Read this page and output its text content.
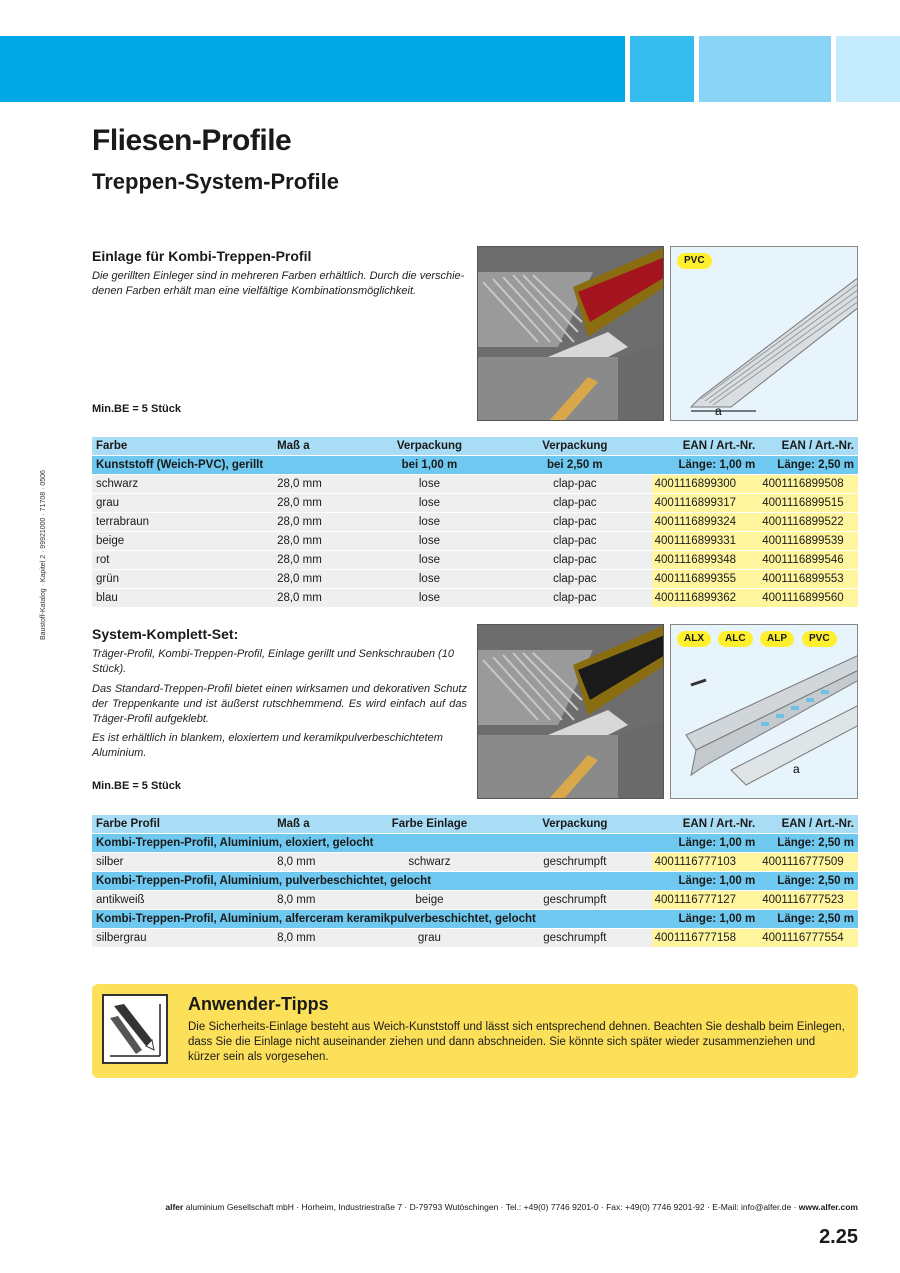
Fliesen-Profile
Treppen-System-Profile
Baustoff-Katalog · Kapitel 2 · 99921000 · 71708 · 0506
Einlage für Kombi-Treppen-Profil
Die gerillten Einleger sind in mehreren Farben erhältlich. Durch die verschie-
denen Farben erhält man eine vielfältige Kombinationsmöglichkeit.
Min.BE = 5 Stück
PVC
a
Farbe	Maß a	Verpackung	Verpackung	EAN / Art.-Nr.	EAN / Art.-Nr.
Kunststoff (Weich-PVC), gerillt		bei 1,00 m	bei 2,50 m	Länge: 1,00 m	Länge: 2,50 m
schwarz	28,0 mm	lose	clap-pac	4001116899300	4001116899508
grau	28,0 mm	lose	clap-pac	4001116899317	4001116899515
terrabraun	28,0 mm	lose	clap-pac	4001116899324	4001116899522
beige	28,0 mm	lose	clap-pac	4001116899331	4001116899539
rot	28,0 mm	lose	clap-pac	4001116899348	4001116899546
grün	28,0 mm	lose	clap-pac	4001116899355	4001116899553
blau	28,0 mm	lose	clap-pac	4001116899362	4001116899560
System-Komplett-Set:
Träger-Profil, Kombi-Treppen-Profil, Einlage gerillt und Senkschrauben (10 Stück).
Das Standard-Treppen-Profil bietet einen wirksamen und dekorativen Schutz der Treppenkante und ist äußerst rutschhemmend. Es wird einfach auf das Träger-Profil aufgeklebt.
Es ist erhältlich in blankem, eloxiertem und keramikpulverbeschichtetem Aluminium.
Min.BE = 5 Stück
ALX	ALC	ALP	PVC
a
Farbe Profil	Maß a	Farbe Einlage	Verpackung	EAN / Art.-Nr.	EAN / Art.-Nr.
Kombi-Treppen-Profil, Aluminium, eloxiert, gelocht				Länge: 1,00 m	Länge: 2,50 m
silber	8,0 mm	schwarz	geschrumpft	4001116777103	4001116777509
Kombi-Treppen-Profil, Aluminium, pulverbeschichtet, gelocht				Länge: 1,00 m	Länge: 2,50 m
antikweiß	8,0 mm	beige	geschrumpft	4001116777127	4001116777523
Kombi-Treppen-Profil, Aluminium, alferceram keramikpulverbeschichtet, gelocht				Länge: 1,00 m	Länge: 2,50 m
silbergrau	8,0 mm	grau	geschrumpft	4001116777158	4001116777554
Anwender-Tipps
Die Sicherheits-Einlage besteht aus Weich-Kunststoff und lässt sich entsprechend dehnen. Beachten Sie deshalb beim Einlegen, dass Sie die Einlage nicht auseinander ziehen und dann abschneiden. Sie könnte sich später wieder zusammenziehen und kürzer sein als vorgesehen.
alfer aluminium Gesellschaft mbH · Horheim, Industriestraße 7 · D-79793 Wutöschingen · Tel.: +49(0) 7746 9201-0 · Fax: +49(0) 7746 9201-92 · E-Mail: info@alfer.de · www.alfer.com
2.25
